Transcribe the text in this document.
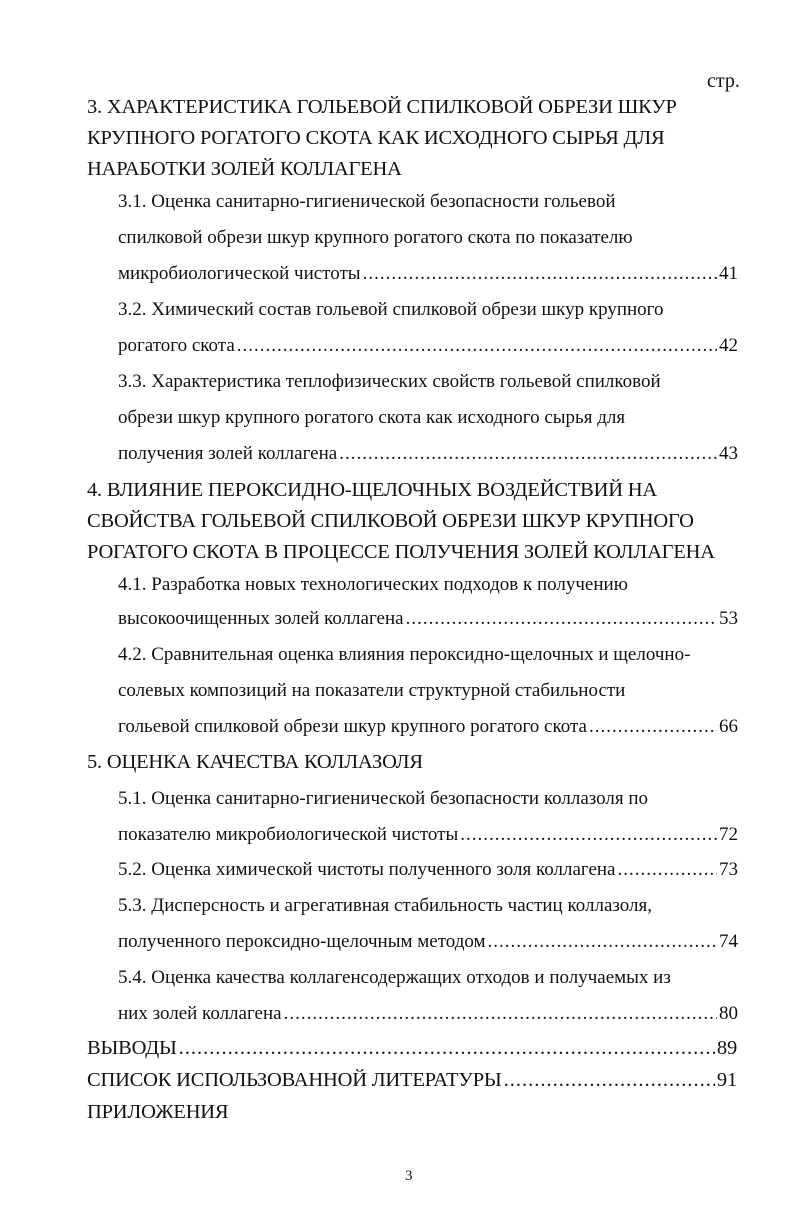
стр.
3. ХАРАКТЕРИСТИКА ГОЛЬЕВОЙ СПИЛКОВОЙ ОБРЕЗИ ШКУР
КРУПНОГО РОГАТОГО СКОТА КАК ИСХОДНОГО СЫРЬЯ ДЛЯ
НАРАБОТКИ ЗОЛЕЙ КОЛЛАГЕНА
3.1. Оценка санитарно-гигиенической безопасности гольевой
спилковой обрези шкур крупного рогатого скота по показателю
микробиологической чистоты .....	41
3.2. Химический состав гольевой спилковой обрези шкур крупного
рогатого скота .....	42
3.3. Характеристика теплофизических свойств гольевой спилковой
обрези шкур крупного рогатого скота как исходного сырья для
получения золей коллагена .....	43
4. ВЛИЯНИЕ ПЕРОКСИДНО-ЩЕЛОЧНЫХ ВОЗДЕЙСТВИЙ НА
СВОЙСТВА ГОЛЬЕВОЙ СПИЛКОВОЙ ОБРЕЗИ ШКУР КРУПНОГО
РОГАТОГО СКОТА В ПРОЦЕССЕ ПОЛУЧЕНИЯ ЗОЛЕЙ КОЛЛАГЕНА
4.1. Разработка новых технологических подходов к получению
высокоочищенных золей коллагена .....	53
4.2. Сравнительная оценка влияния пероксидно-щелочных и щелочно-
солевых композиций на показатели структурной стабильности
гольевой спилковой обрези шкур крупного рогатого скота .....	66
5. ОЦЕНКА КАЧЕСТВА КОЛЛАЗОЛЯ
5.1. Оценка санитарно-гигиенической безопасности коллазоля по
показателю микробиологической чистоты .....	72
5.2. Оценка химической чистоты полученного золя коллагена .....	73
5.3. Дисперсность и агрегативная стабильность частиц коллазоля,
полученного пероксидно-щелочным методом .....	74
5.4. Оценка качества коллагенсодержащих отходов и получаемых из
них золей коллагена .....	80
ВЫВОДЫ .....	89
СПИСОК ИСПОЛЬЗОВАННОЙ ЛИТЕРАТУРЫ .....	91
ПРИЛОЖЕНИЯ
3
